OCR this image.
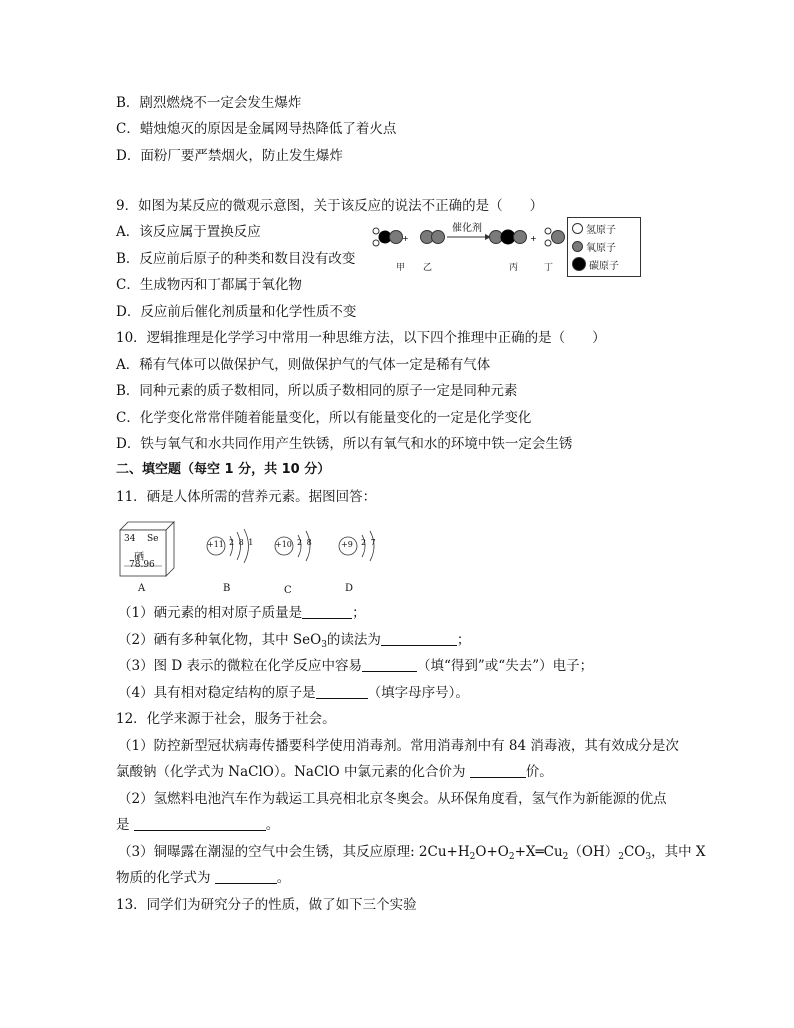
B．剧烈燃烧不一定会发生爆炸
C．蜡烛熄灭的原因是金属网导热降低了着火点
D．面粉厂要严禁烟火，防止发生爆炸
9．如图为某反应的微观示意图，关于该反应的说法不正确的是（　　）
A．该反应属于置换反应
B．反应前后原子的种类和数目没有改变
C．生成物丙和丁都属于氧化物
D．反应前后催化剂质量和化学性质不变
+	+
催化剂
甲 乙	丙	丁
氢原子
氧原子
碳原子
10．逻辑推理是化学学习中常用一种思维方法，以下四个推理中正确的是（　　）
A．稀有气体可以做保护气，则做保护气的气体一定是稀有气体
B．同种元素的质子数相同，所以质子数相同的原子一定是同种元素
C．化学变化常常伴随着能量变化，所以有能量变化的一定是化学变化
D．铁与氧气和水共同作用产生铁锈，所以有氧气和水的环境中铁一定会生锈
二、填空题（每空 1 分，共 10 分）
11．硒是人体所需的营养元素。据图回答：
34 Se
硒
78.96
A
+11 2 8 1
B
+10 2 8
C
+9 2 7
D
（1）硒元素的相对原子质量是	；
（2）硒有多种氧化物，其中 SeO$_3$的读法为	；
（3）图 D 表示的微粒在化学反应中容易	（填“得到”或“失去”）电子；
（4）具有相对稳定结构的原子是	（填字母序号）。
12．化学来源于社会，服务于社会。
（1）防控新型冠状病毒传播要科学使用消毒剂。常用消毒剂中有 84 消毒液，其有效成分是次
氯酸钠（化学式为 NaClO）。NaClO 中氯元素的化合价为	价。
（2）氢燃料电池汽车作为载运工具亮相北京冬奥会。从环保角度看，氢气作为新能源的优点
是	。
（3）铜曝露在潮湿的空气中会生锈，其反应原理: $2Cu+H_2O+O_2+X═Cu_2(OH)_2CO_3$，其中 X
物质的化学式为	。
13．同学们为研究分子的性质，做了如下三个实验
